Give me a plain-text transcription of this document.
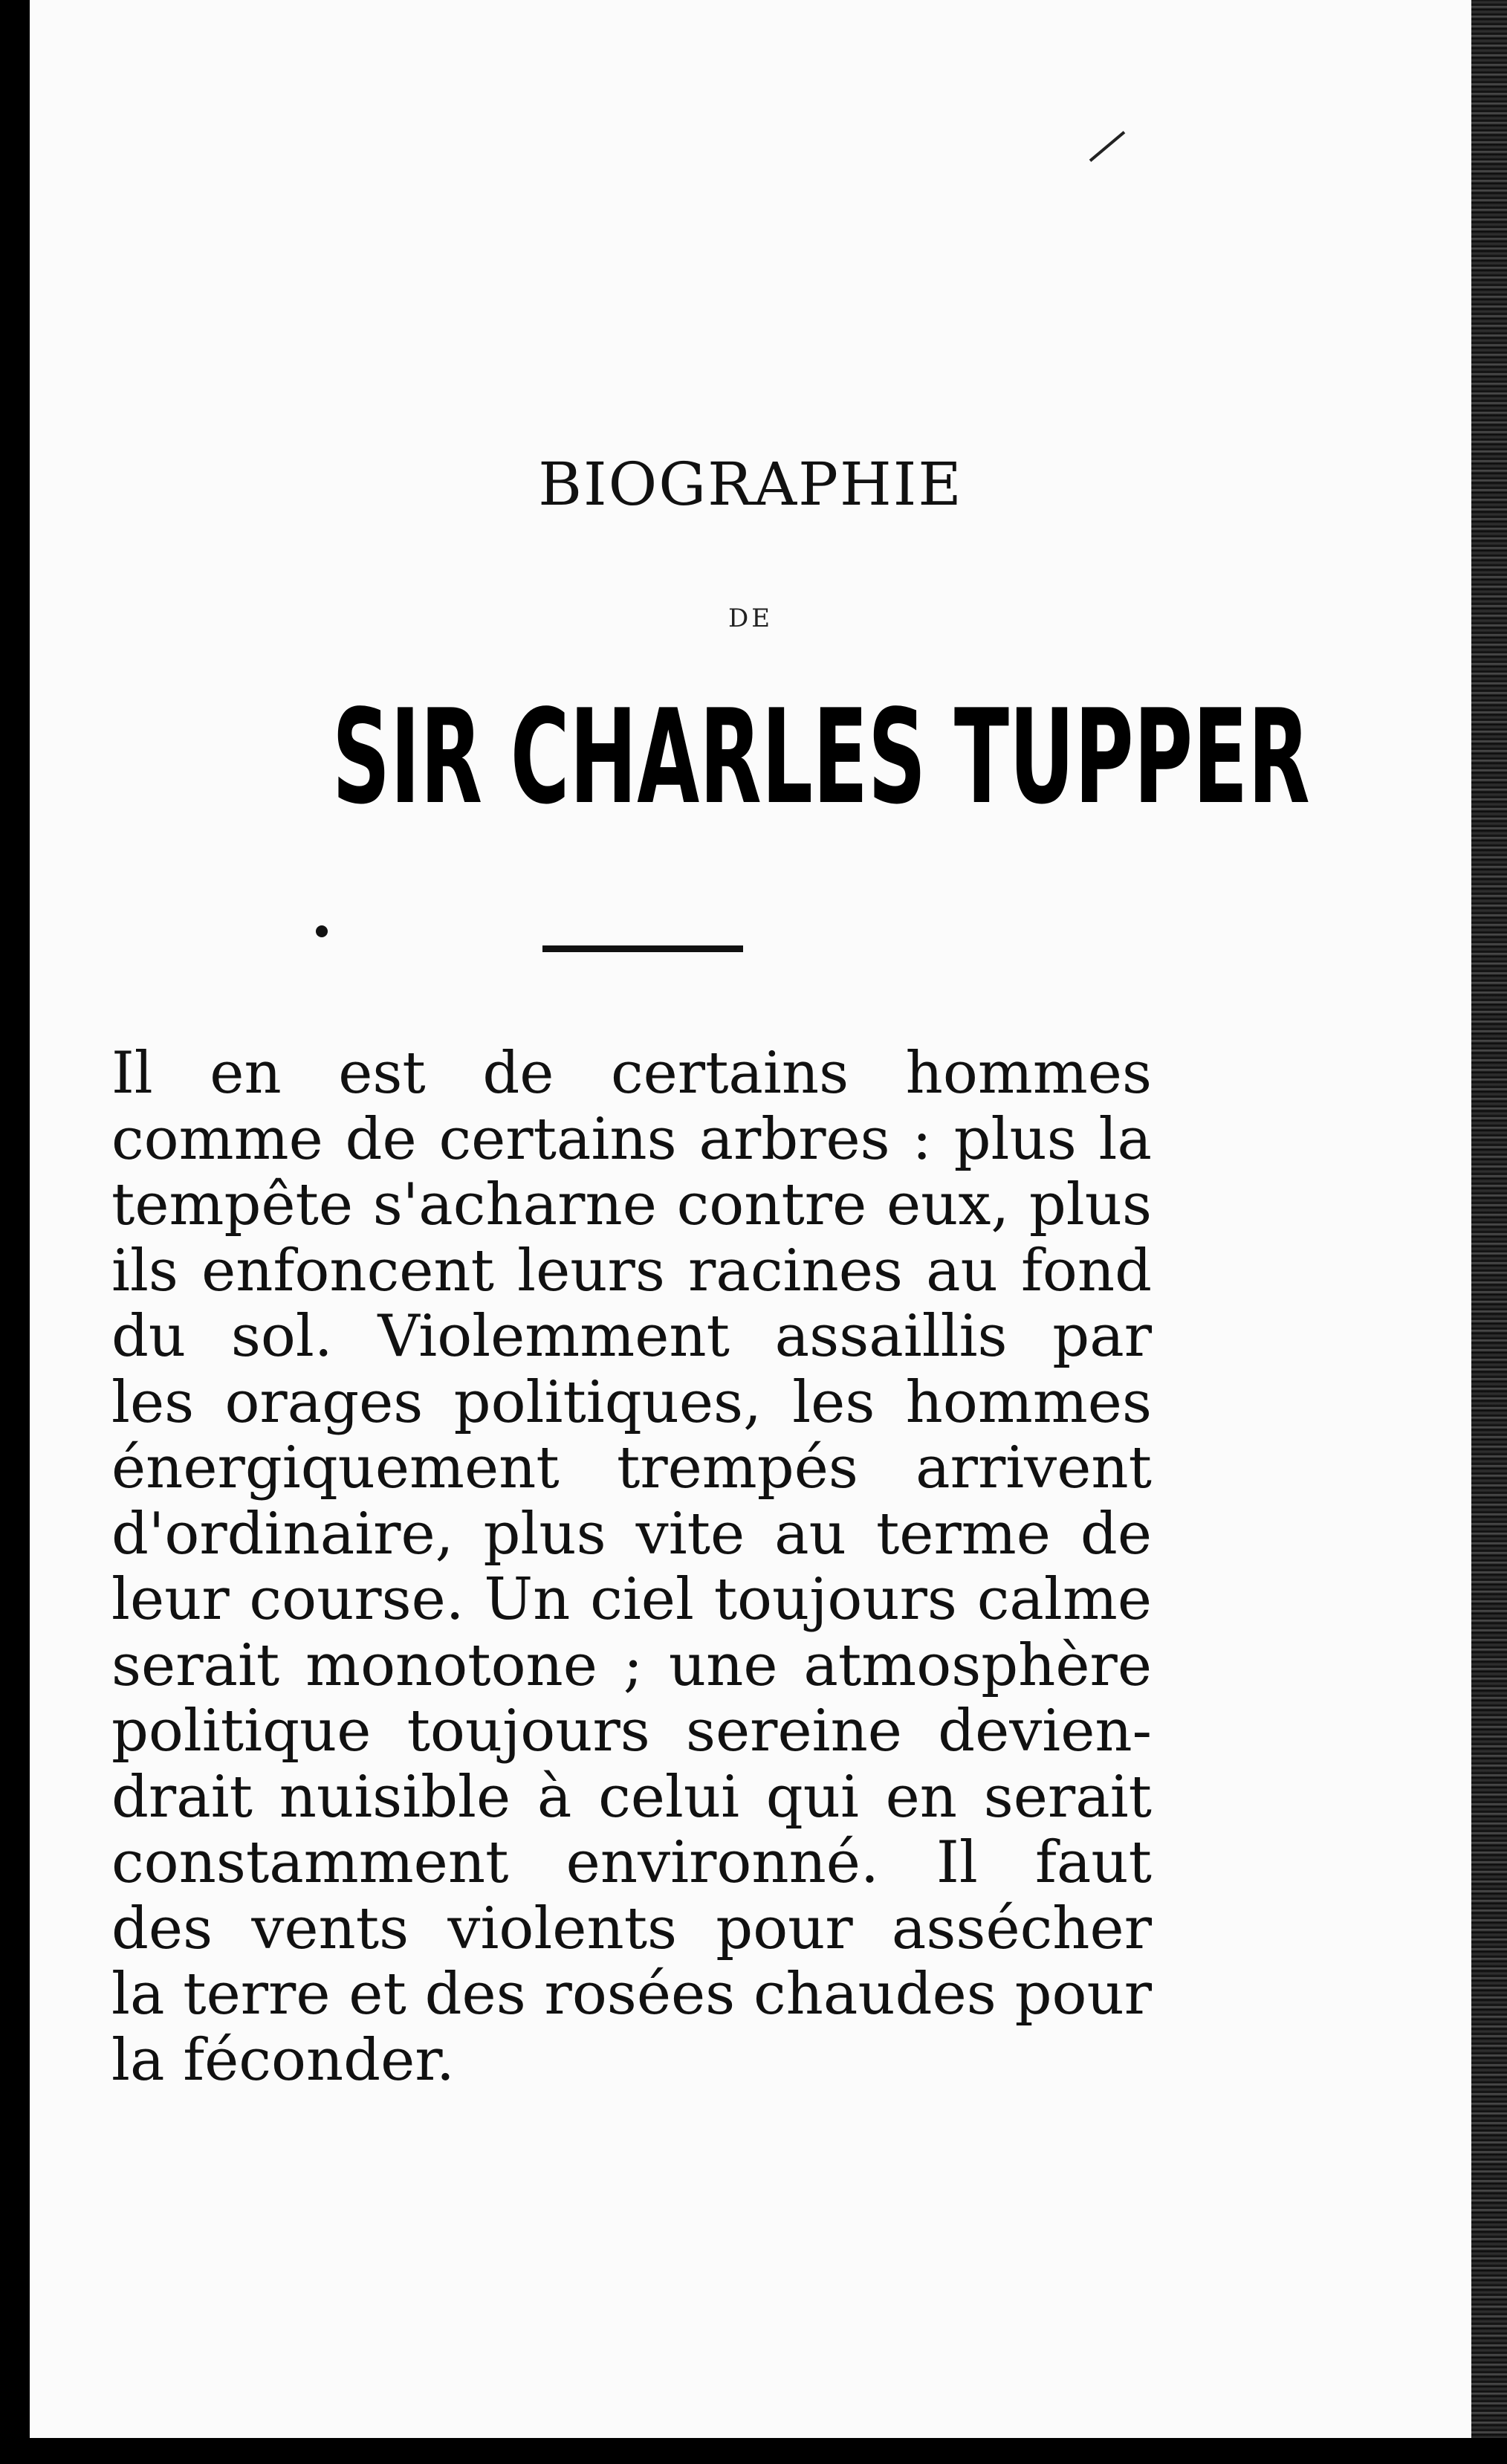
BIOGRAPHIE
DE
SIR CHARLES TUPPER

Il en est de certains hommes
comme de certains arbres : plus la
tempête s'acharne contre eux, plus
ils enfoncent leurs racines au fond
du sol. Violemment assaillis par
les orages politiques, les hommes
énergiquement trempés arrivent
d'ordinaire, plus vite au terme de
leur course. Un ciel toujours calme
serait monotone ; une atmosphère
politique toujours sereine devien-
drait nuisible à celui qui en serait
constamment environné. Il faut
des vents violents pour assécher
la terre et des rosées chaudes pour
la féconder.
